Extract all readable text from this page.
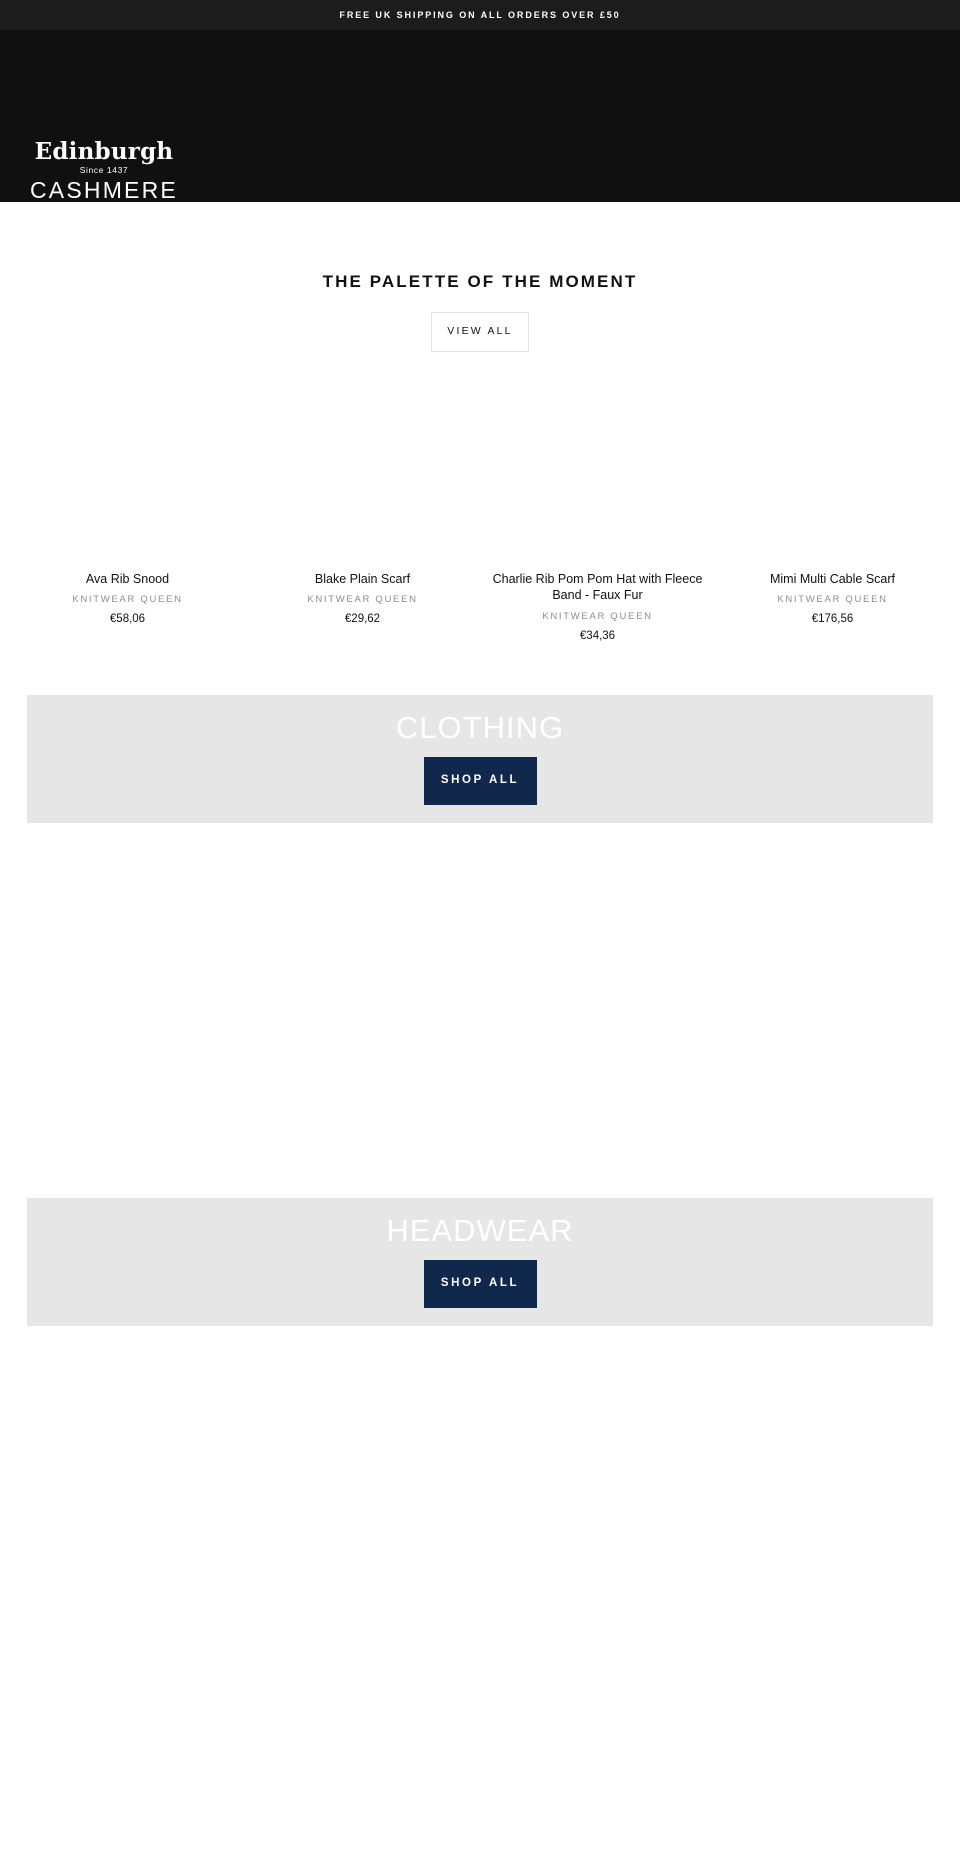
FREE UK SHIPPING ON ALL ORDERS OVER £50
Edinburgh
Since 1437
CASHMERE
THE PALETTE OF THE MOMENT
VIEW ALL
Ava Rib Snood
KNITWEAR QUEEN
€58,06
Blake Plain Scarf
KNITWEAR QUEEN
€29,62
Charlie Rib Pom Pom Hat with Fleece Band - Faux Fur
KNITWEAR QUEEN
€34,36
Mimi Multi Cable Scarf
KNITWEAR QUEEN
€176,56
CLOTHING
SHOP ALL
HEADWEAR
SHOP ALL
